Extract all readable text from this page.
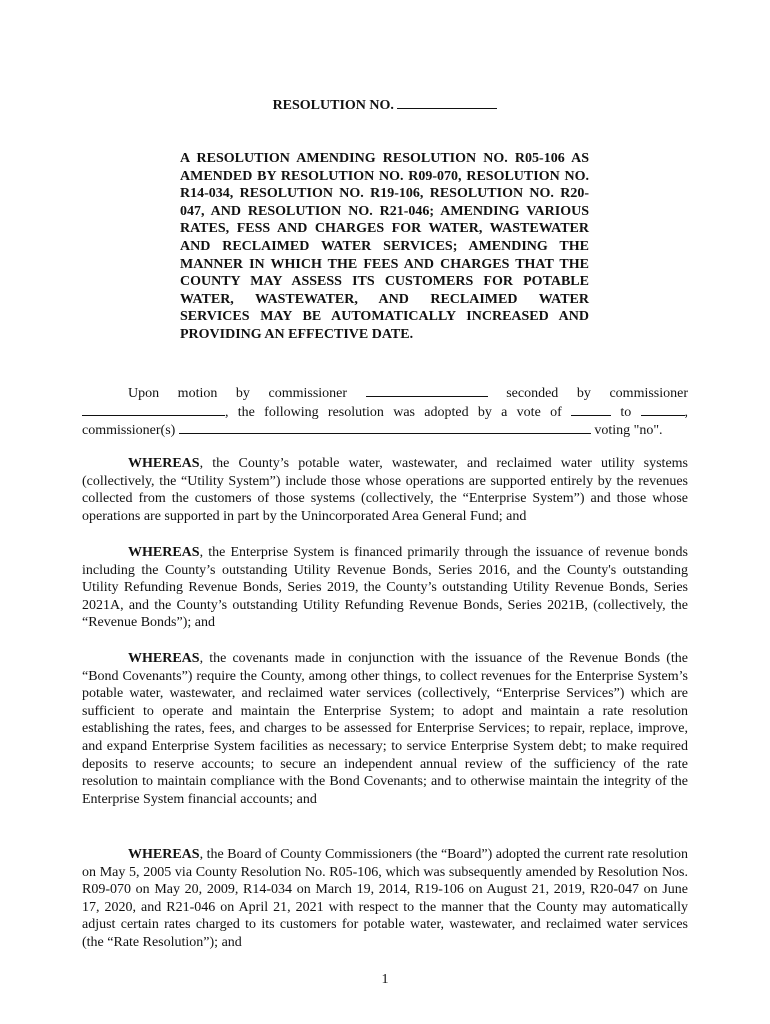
RESOLUTION NO.

A RESOLUTION AMENDING RESOLUTION NO. R05-106 AS AMENDED BY RESOLUTION NO. R09-070, RESOLUTION NO. R14-034, RESOLUTION NO. R19-106, RESOLUTION NO. R20-047, AND RESOLUTION NO. R21-046; AMENDING VARIOUS RATES, FESS AND CHARGES FOR WATER, WASTEWATER AND RECLAIMED WATER SERVICES; AMENDING THE MANNER IN WHICH THE FEES AND CHARGES THAT THE COUNTY MAY ASSESS ITS CUSTOMERS FOR POTABLE WATER, WASTEWATER, AND RECLAIMED WATER SERVICES MAY BE AUTOMATICALLY INCREASED AND PROVIDING AN EFFECTIVE DATE.

Upon motion by commissioner	seconded by commissioner , the following resolution was adopted by a vote of	to	, commissioner(s)	voting "no".

WHEREAS, the County’s potable water, wastewater, and reclaimed water utility systems (collectively, the “Utility System”) include those whose operations are supported entirely by the revenues collected from the customers of those systems (collectively, the “Enterprise System”) and those whose operations are supported in part by the Unincorporated Area General Fund; and

WHEREAS, the Enterprise System is financed primarily through the issuance of revenue bonds including the County’s outstanding Utility Revenue Bonds, Series 2016, and the County's outstanding Utility Refunding Revenue Bonds, Series 2019, the County’s outstanding Utility Revenue Bonds, Series 2021A, and the County’s outstanding Utility Refunding Revenue Bonds, Series 2021B, (collectively, the “Revenue Bonds”); and

WHEREAS, the covenants made in conjunction with the issuance of the Revenue Bonds (the “Bond Covenants”) require the County, among other things, to collect revenues for the Enterprise System’s potable water, wastewater, and reclaimed water services (collectively, “Enterprise Services”) which are sufficient to operate and maintain the Enterprise System; to adopt and maintain a rate resolution establishing the rates, fees, and charges to be assessed for Enterprise Services; to repair, replace, improve, and expand Enterprise System facilities as necessary; to service Enterprise System debt; to make required deposits to reserve accounts; to secure an independent annual review of the sufficiency of the rate resolution to maintain compliance with the Bond Covenants; and to otherwise maintain the integrity of the Enterprise System financial accounts; and

WHEREAS, the Board of County Commissioners (the “Board”) adopted the current rate resolution on May 5, 2005 via County Resolution No. R05-106, which was subsequently amended by Resolution Nos. R09-070 on May 20, 2009, R14-034 on March 19, 2014, R19-106 on August 21, 2019, R20-047 on June 17, 2020, and R21-046 on April 21, 2021 with respect to the manner that the County may automatically adjust certain rates charged to its customers for potable water, wastewater, and reclaimed water services (the “Rate Resolution”); and

1
